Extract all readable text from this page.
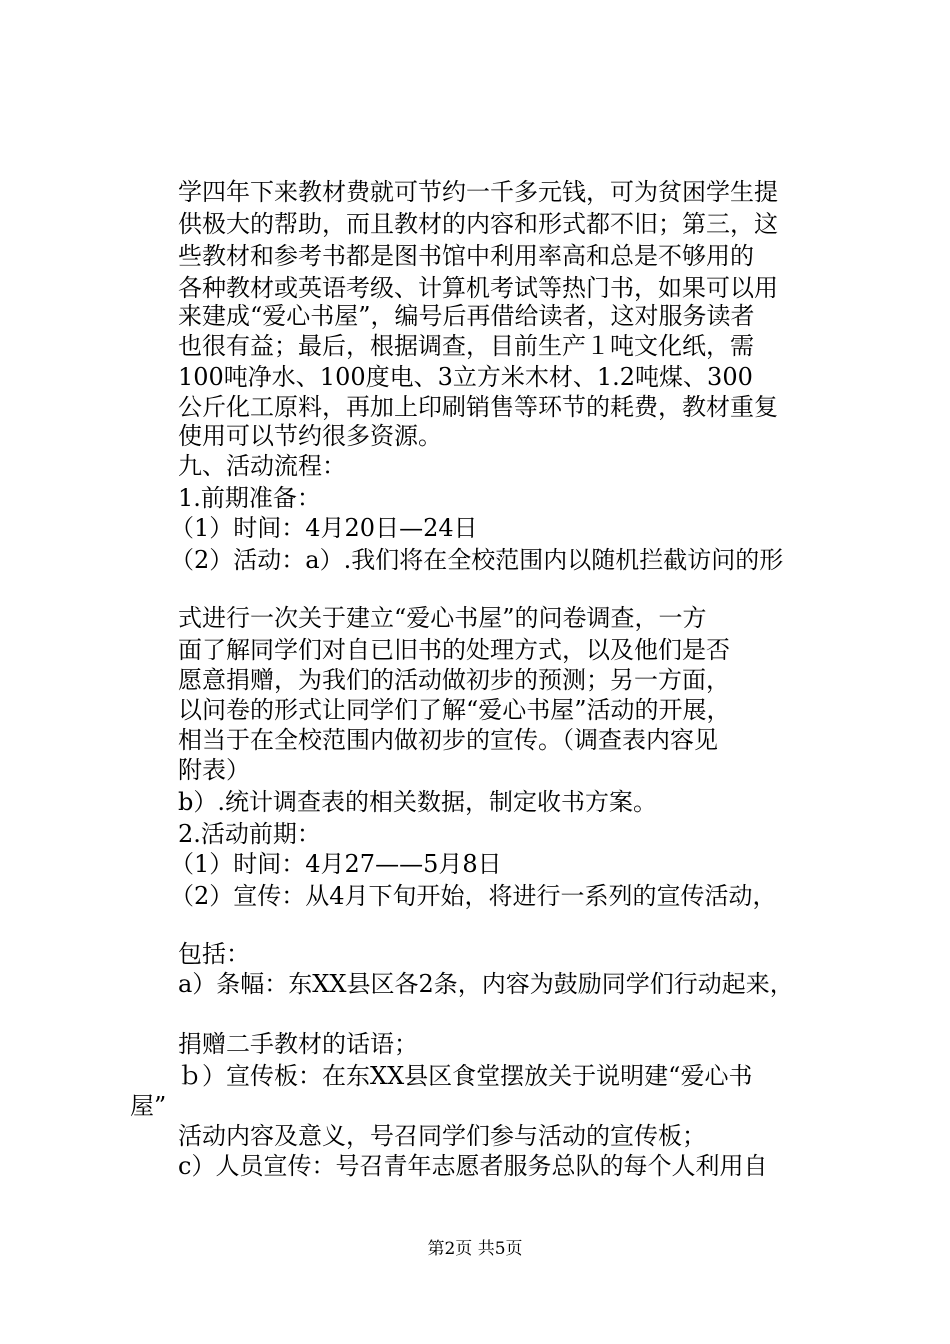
学四年下来教材费就可节约一千多元钱，可为贫困学生提
供极大的帮助，而且教材的内容和形式都不旧；第三，这
些教材和参考书都是图书馆中利用率高和总是不够用的
各种教材或英语考级、计算机考试等热门书，如果可以用
来建成“爱心书屋”，编号后再借给读者，这对服务读者
也很有益；最后，根据调查，目前生产１吨文化纸，需
100吨净水、100度电、3立方米木材、1.2吨煤、300
公斤化工原料，再加上印刷销售等环节的耗费，教材重复
使用可以节约很多资源。
九、活动流程：
1.前期准备：
（1）时间：4月20日—24日
（2）活动：a）.我们将在全校范围内以随机拦截访问的形
式进行一次关于建立“爱心书屋”的问卷调查，一方
面了解同学们对自已旧书的处理方式，以及他们是否
愿意捐赠，为我们的活动做初步的预测；另一方面，
以问卷的形式让同学们了解“爱心书屋”活动的开展，
相当于在全校范围内做初步的宣传。（调查表内容见
附表）
b）.统计调查表的相关数据，制定收书方案。
2.活动前期：
（1）时间：4月27——5月8日
（2）宣传：从4月下旬开始，将进行一系列的宣传活动，
包括：
a）条幅：东XX县区各2条，内容为鼓励同学们行动起来，
捐赠二手教材的话语；
ｂ）宣传板：在东XX县区食堂摆放关于说明建“爱心书
屋”
活动内容及意义，号召同学们参与活动的宣传板；
c）人员宣传：号召青年志愿者服务总队的每个人利用自
第2页 共5页
